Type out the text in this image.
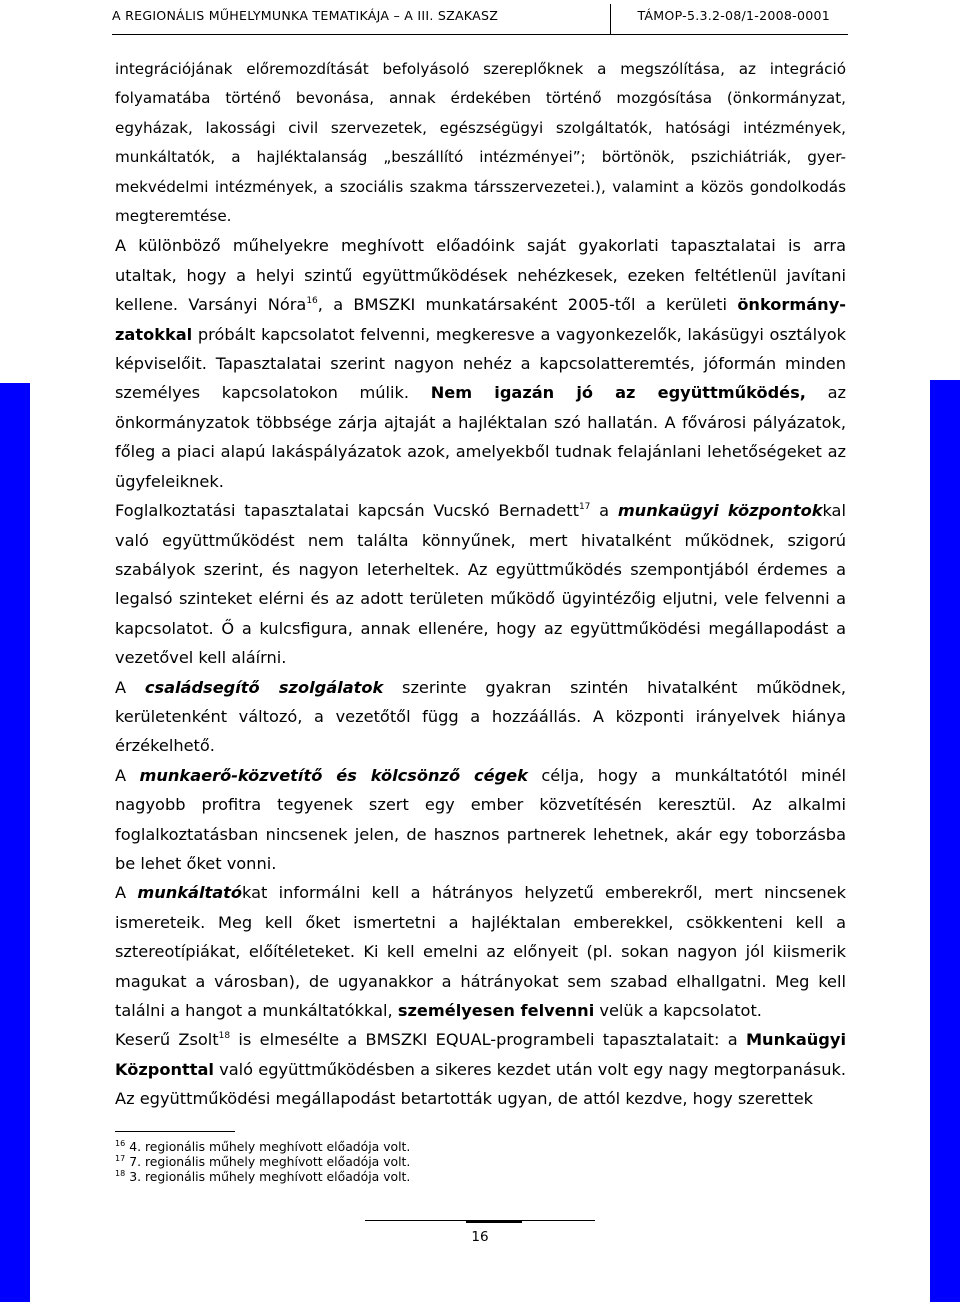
A REGIONÁLIS MŰHELYMUNKA TEMATIKÁJA – A III. SZAKASZ	TÁMOP-5.3.2-08/1-2008-0001

integrációjának előremozdítását befolyásoló szereplőknek a megszólítása, az integráció folyamatába történő bevonása, annak érdekében történő mozgósítása (önkormányzat, egyházak, lakossági civil szervezetek, egészségügyi szolgáltatók, hatósági intézmények, munkáltatók, a hajléktalanság „beszállító intézményei”; börtönök, pszichiátriák, gyer-mekvédelmi intézmények, a szociális szakma társszervezetei.), valamint a közös gondolkodás megteremtése.

A különböző műhelyekre meghívott előadóink saját gyakorlati tapasztalatai is arra utaltak, hogy a helyi szintű együttműködések nehézkesek, ezeken feltétlenül javítani kellene. Varsányi Nóra$^{16}$, a BMSZKI munkatársaként 2005-től a kerületi önkormány-zatokkal próbált kapcsolatot felvenni, megkeresve a vagyonkezelők, lakásügyi osztályok képviselőit. Tapasztalatai szerint nagyon nehéz a kapcsolatteremtés, jóformán minden személyes kapcsolatokon múlik. Nem igazán jó az együttműködés, az önkormányzatok többsége zárja ajtaját a hajléktalan szó hallatán. A fővárosi pályázatok, főleg a piaci alapú lakáspályázatok azok, amelyekből tudnak felajánlani lehetőségeket az ügyfeleiknek.

Foglalkoztatási tapasztalatai kapcsán Vucskó Bernadett$^{17}$ a munkaügyi központokkal való együttműködést nem találta könnyűnek, mert hivatalként működnek, szigorú szabályok szerint, és nagyon leterheltek. Az együttműködés szempontjából érdemes a legalsó szinteket elérni és az adott területen működő ügyintézőig eljutni, vele felvenni a kapcsolatot. Ő a kulcsfigura, annak ellenére, hogy az együttműködési megállapodást a vezetővel kell aláírni.

A családsegítő szolgálatok szerinte gyakran szintén hivatalként működnek, kerületenként változó, a vezetőtől függ a hozzáállás. A központi irányelvek hiánya érzékelhető.

A munkaerő-közvetítő és kölcsönző cégek célja, hogy a munkáltatótól minél nagyobb profitra tegyenek szert egy ember közvetítésén keresztül. Az alkalmi foglalkoztatásban nincsenek jelen, de hasznos partnerek lehetnek, akár egy toborzásba be lehet őket vonni.

A munkáltatókat informálni kell a hátrányos helyzetű emberekről, mert nincsenek ismereteik. Meg kell őket ismertetni a hajléktalan emberekkel, csökkenteni kell a sztereotípiákat, előítéleteket. Ki kell emelni az előnyeit (pl. sokan nagyon jól kiismerik magukat a városban), de ugyanakkor a hátrányokat sem szabad elhallgatni. Meg kell találni a hangot a munkáltatókkal, személyesen felvenni velük a kapcsolatot.

Keserű Zsolt$^{18}$ is elmesélte a BMSZKI EQUAL-programbeli tapasztalatait: a Munkaügyi Központtal való együttműködésben a sikeres kezdet után volt egy nagy megtorpanásuk. Az együttműködési megállapodást betartották ugyan, de attól kezdve, hogy szerettek

$^{16}$ 4. regionális műhely meghívott előadója volt.

$^{17}$ 7. regionális műhely meghívott előadója volt.

$^{18}$ 3. regionális műhely meghívott előadója volt.

16
